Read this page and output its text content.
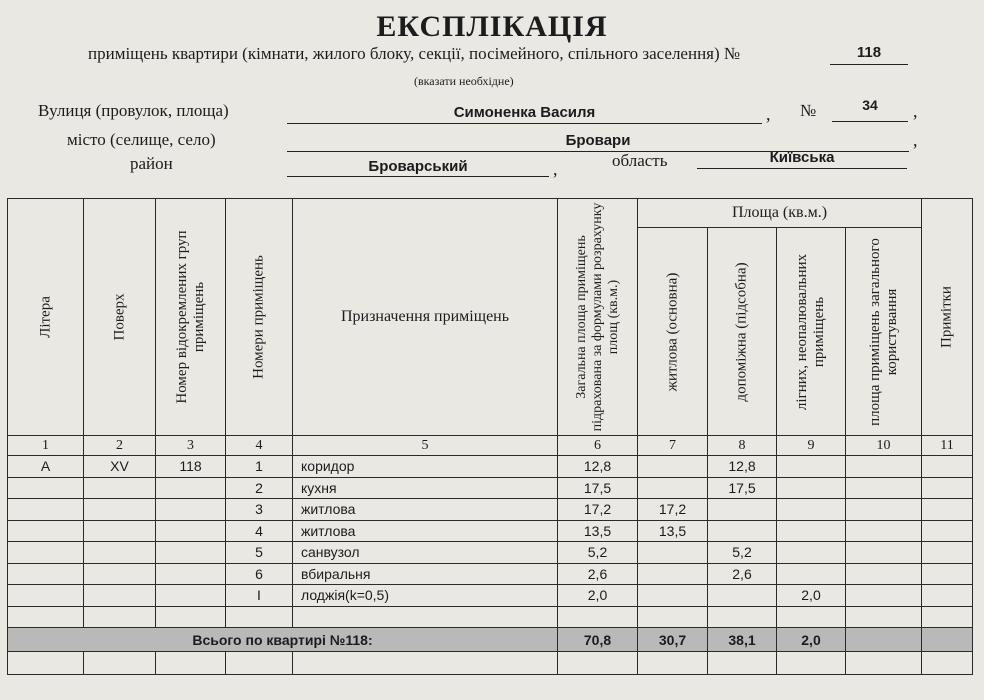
ЕКСПЛІКАЦІЯ
приміщень квартири (кімнати, жилого блоку, секції, посімейного, спільного заселення) №	118
(вказати необхідне)
Вулиця (провулок, площа)	Симоненка Василя	, №	34	,
місто (селище, село)	Бровари	,
район	Броварський	,	область	Київська
Літера	Поверх	Номер відокремлених груп приміщень	Номери приміщень	Призначення приміщень	Загальна площа приміщень підрахована за формулами розрахунку площ (кв.м.)	Площа (кв.м.)				Примітки

						житлова (основна)	допоміжна (підсобна)	лігних, неопалювальних приміщень	площа приміщень загального користування	

1	2	3	4	5	6	7	8	9	10	11
А	XV	118	1	коридор	12,8		12,8			
			2	кухня	17,5		17,5			
			3	житлова	17,2	17,2				
			4	житлова	13,5	13,5				
			5	санвузол	5,2		5,2			
			6	вбиральня	2,6		2,6			
			І	лоджія(k=0,5)	2,0			2,0		

Всього по квартирі №118:					70,8	30,7	38,1	2,0		
